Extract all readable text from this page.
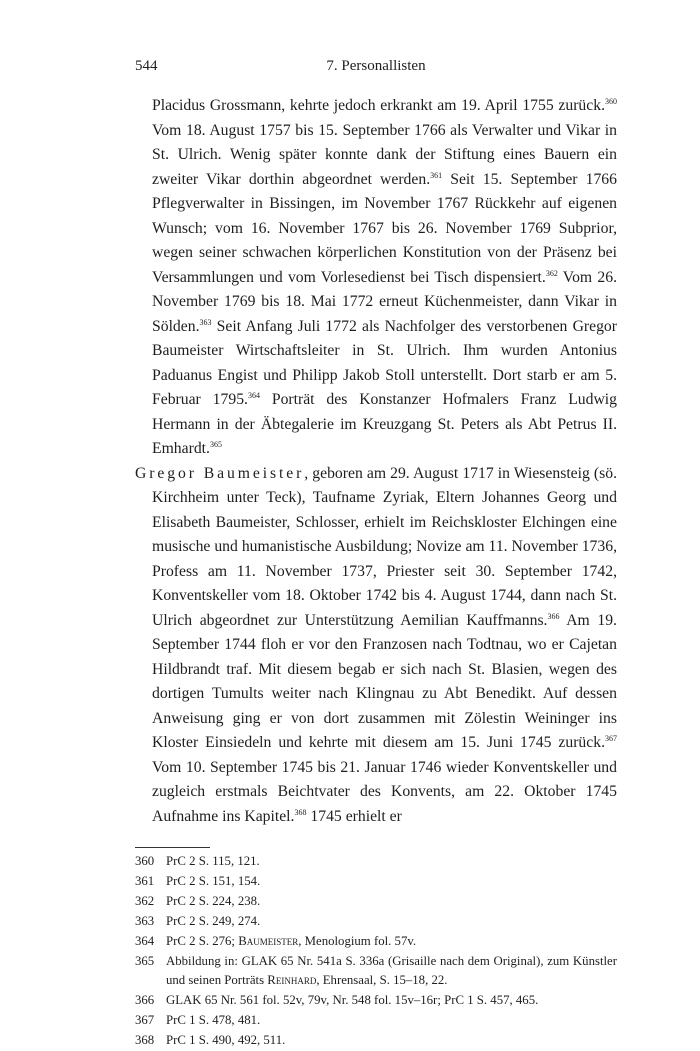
544	7. Personallisten

Placidus Grossmann, kehrte jedoch erkrankt am 19. April 1755 zurück.$^{360}$ Vom 18. August 1757 bis 15. September 1766 als Verwalter und Vikar in St. Ulrich. Wenig später konnte dank der Stiftung eines Bauern ein zweiter Vikar dorthin abgeordnet werden.$^{361}$ Seit 15. September 1766 Pflegverwalter in Bissingen, im November 1767 Rückkehr auf eigenen Wunsch; vom 16. November 1767 bis 26. November 1769 Subprior, wegen seiner schwachen körperlichen Konstitution von der Präsenz bei Versammlungen und vom Vorlesedienst bei Tisch dispensiert.$^{362}$ Vom 26. November 1769 bis 18. Mai 1772 erneut Küchenmeister, dann Vikar in Sölden.$^{363}$ Seit Anfang Juli 1772 als Nachfolger des verstorbenen Gregor Baumeister Wirtschaftsleiter in St. Ulrich. Ihm wurden Antonius Paduanus Engist und Philipp Jakob Stoll unterstellt. Dort starb er am 5. Februar 1795.$^{364}$ Porträt des Konstanzer Hofmalers Franz Ludwig Hermann in der Äbtegalerie im Kreuzgang St. Peters als Abt Petrus II. Emhardt.$^{365}$

Gregor Baumeister, geboren am 29. August 1717 in Wiesensteig (sö. Kirchheim unter Teck), Taufname Zyriak, Eltern Johannes Georg und Elisabeth Baumeister, Schlosser, erhielt im Reichskloster Elchingen eine musische und humanistische Ausbildung; Novize am 11. November 1736, Profess am 11. November 1737, Priester seit 30. September 1742, Konventskeller vom 18. Oktober 1742 bis 4. August 1744, dann nach St. Ulrich abgeordnet zur Unterstützung Aemilian Kauffmanns.$^{366}$ Am 19. September 1744 floh er vor den Franzosen nach Todtnau, wo er Cajetan Hildbrandt traf. Mit diesem begab er sich nach St. Blasien, wegen des dortigen Tumults weiter nach Klingnau zu Abt Benedikt. Auf dessen Anweisung ging er von dort zusammen mit Zölestin Weininger ins Kloster Einsiedeln und kehrte mit diesem am 15. Juni 1745 zurück.$^{367}$ Vom 10. September 1745 bis 21. Januar 1746 wieder Konventskeller und zugleich erstmals Beichtvater des Konvents, am 22. Oktober 1745 Aufnahme ins Kapitel.$^{368}$ 1745 erhielt er

360 PrC 2 S. 115, 121.
361 PrC 2 S. 151, 154.
362 PrC 2 S. 224, 238.
363 PrC 2 S. 249, 274.
364 PrC 2 S. 276; Baumeister, Menologium fol. 57v.
365 Abbildung in: GLAK 65 Nr. 541a S. 336a (Grisaille nach dem Original), zum Künstler und seinen Porträts Reinhard, Ehrensaal, S. 15–18, 22.
366 GLAK 65 Nr. 561 fol. 52v, 79v, Nr. 548 fol. 15v–16r; PrC 1 S. 457, 465.
367 PrC 1 S. 478, 481.
368 PrC 1 S. 490, 492, 511.
